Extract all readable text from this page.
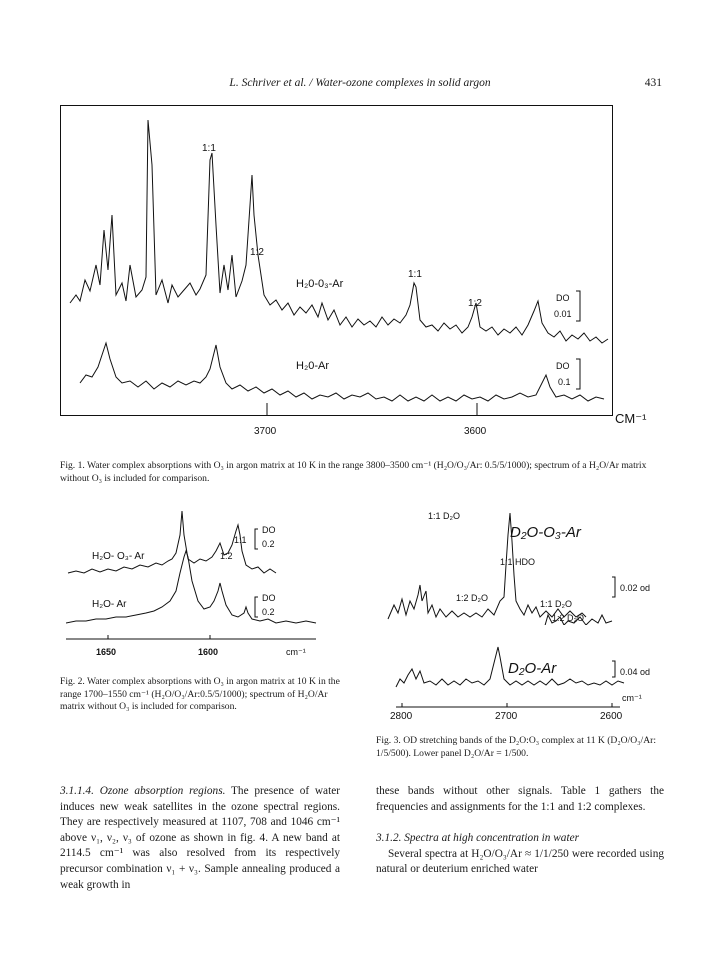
L. Schriver et al. / Water-ozone complexes in solid argon	431
1:1
1:2
H₂0-0₃-Ar
1:1
1:2	DO
0.01
H₂0-Ar	DO
0.1
CM⁻¹
3700	3600
Fig. 1. Water complex absorptions with O₃ in argon matrix at 10 K in the range 3800–3500 cm⁻¹ (H₂O/O₃/Ar: 0.5/5/1000); spectrum of a H₂O/Ar matrix without O₃ is included for comparison.
H₂O- O₃- Ar
1:1
1:2
DO
0.2
H₂O- Ar
DO
0.2
1650	1600	cm⁻¹
Fig. 2. Water complex absorptions with O₃ in argon matrix at 10 K in the range 1700–1550 cm⁻¹ (H₂O/O₃/Ar:0.5/5/1000); spectrum of H₂O/Ar matrix without O₃ is included for comparison.
1:1 D₂O
D₂O-O₃-Ar
1:1 HDO
0.02 od
1:2 D₂O
1:1 D₂O
1:2 D₂O
D₂O-Ar	0.04 od
cm⁻¹
2800	2700	2600
Fig. 3. OD stretching bands of the D₂O:O₃ complex at 11 K (D₂O/O₃/Ar: 1/5/500). Lower panel D₂O/Ar = 1/500.

3.1.1.4. Ozone absorption regions. The presence of water induces new weak satellites in the ozone spectral regions. They are respectively measured at 1107, 708 and 1046 cm⁻¹ above ν₁, ν₂, ν₃ of ozone as shown in fig. 4. A new band at 2114.5 cm⁻¹ was also resolved from its respectively precursor combination ν₁ + ν₃. Sample annealing produced a weak growth in

these bands without other signals. Table 1 gathers the frequencies and assignments for the 1:1 and 1:2 complexes.

3.1.2. Spectra at high concentration in water

Several spectra at H₂O/O₃/Ar ≈ 1/1/250 were recorded using natural or deuterium enriched water
